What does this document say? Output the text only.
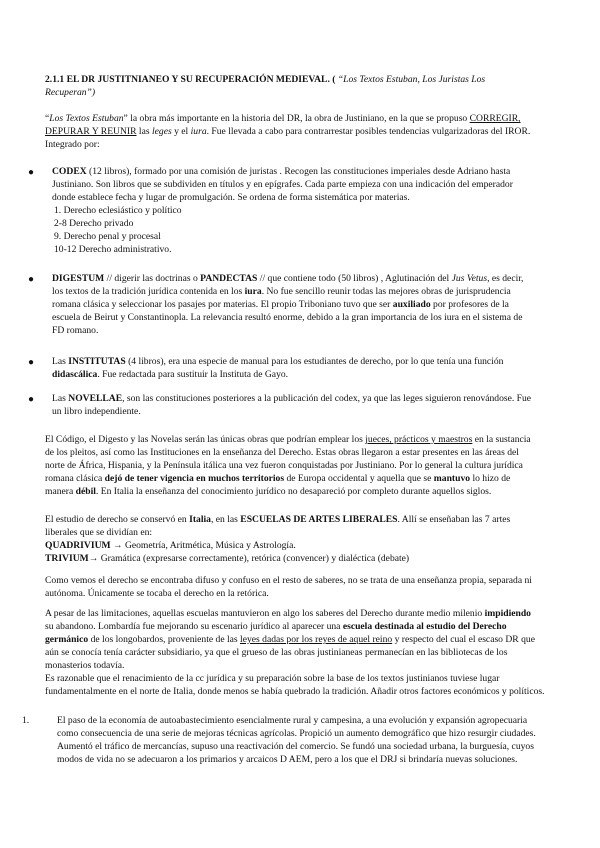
2.1.1 EL DR JUSTITNIANEO Y SU RECUPERACIÓN MEDIEVAL. ( “Los Textos Estuban, Los Juristas Los
Recuperan”)
“Los Textos Estuban” la obra más importante en la historia del DR, la obra de Justiniano, en la que se propuso CORREGIR,
DEPURAR Y REUNIR las leges y el iura. Fue llevada a cabo para contrarrestar posibles tendencias vulgarizadoras del IROR.
Integrado por:
● CODEX (12 libros), formado por una comisión de juristas . Recogen las constituciones imperiales desde Adriano hasta
Justiniano. Son libros que se subdividen en títulos y en epígrafes. Cada parte empieza con una indicación del emperador
donde establece fecha y lugar de promulgación. Se ordena de forma sistemática por materias.
1. Derecho eclesiástico y político
2-8 Derecho privado
9. Derecho penal y procesal
10-12 Derecho administrativo.
● DIGESTUM // digerir las doctrinas o PANDECTAS // que contiene todo (50 libros) , Aglutinación del Jus Vetus, es decir,
los textos de la tradición jurídica contenida en los iura. No fue sencillo reunir todas las mejores obras de jurisprudencia
romana clásica y seleccionar los pasajes por materias. El propio Triboniano tuvo que ser auxiliado por profesores de la
escuela de Beirut y Constantinopla. La relevancia resultó enorme, debido a la gran importancia de los iura en el sistema de
FD romano.
● Las INSTITUTAS (4 libros), era una especie de manual para los estudiantes de derecho, por lo que tenía una función
didascálica. Fue redactada para sustituir la Instituta de Gayo.
● Las NOVELLAE, son las constituciones posteriores a la publicación del codex, ya que las leges siguieron renovándose. Fue
un libro independiente.
El Código, el Digesto y las Novelas serán las únicas obras que podrían emplear los jueces, prácticos y maestros en la sustancia
de los pleitos, así como las Instituciones en la enseñanza del Derecho. Estas obras llegaron a estar presentes en las áreas del
norte de África, Hispania, y la Península itálica una vez fueron conquistadas por Justiniano. Por lo general la cultura jurídica
romana clásica dejó de tener vigencia en muchos territorios de Europa occidental y aquella que se mantuvo lo hizo de
manera débil. En Italia la enseñanza del conocimiento jurídico no desapareció por completo durante aquellos siglos.
El estudio de derecho se conservó en Italia, en las ESCUELAS DE ARTES LIBERALES. Allí se enseñaban las 7 artes
liberales que se dividían en:
QUADRIVIUM → Geometría, Aritmética, Música y Astrología.
TRIVIUM→ Gramática (expresarse correctamente), retórica (convencer) y dialéctica (debate)
Como vemos el derecho se encontraba difuso y confuso en el resto de saberes, no se trata de una enseñanza propia, separada ni
autónoma. Únicamente se tocaba el derecho en la retórica.
A pesar de las limitaciones, aquellas escuelas mantuvieron en algo los saberes del Derecho durante medio milenio impidiendo
su abandono. Lombardía fue mejorando su escenario jurídico al aparecer una escuela destinada al estudio del Derecho
germánico de los longobardos, proveniente de las leyes dadas por los reyes de aquel reino y respecto del cual el escaso DR que
aún se conocía tenía carácter subsidiario, ya que el grueso de las obras justinianeas permanecían en las bibliotecas de los
monasterios todavía.
Es razonable que el renacimiento de la cc jurídica y su preparación sobre la base de los textos justinianos tuviese lugar
fundamentalmente en el norte de Italia, donde menos se había quebrado la tradición. Añadir otros factores económicos y políticos.
1.	El paso de la economía de autoabastecimiento esencialmente rural y campesina, a una evolución y expansión agropecuaria
como consecuencia de una serie de mejoras técnicas agrícolas. Propició un aumento demográfico que hizo resurgir ciudades.
Aumentó el tráfico de mercancías, supuso una reactivación del comercio. Se fundó una sociedad urbana, la burguesía, cuyos
modos de vida no se adecuaron a los primarios y arcaicos D AEM, pero a los que el DRJ si brindaría nuevas soluciones.
